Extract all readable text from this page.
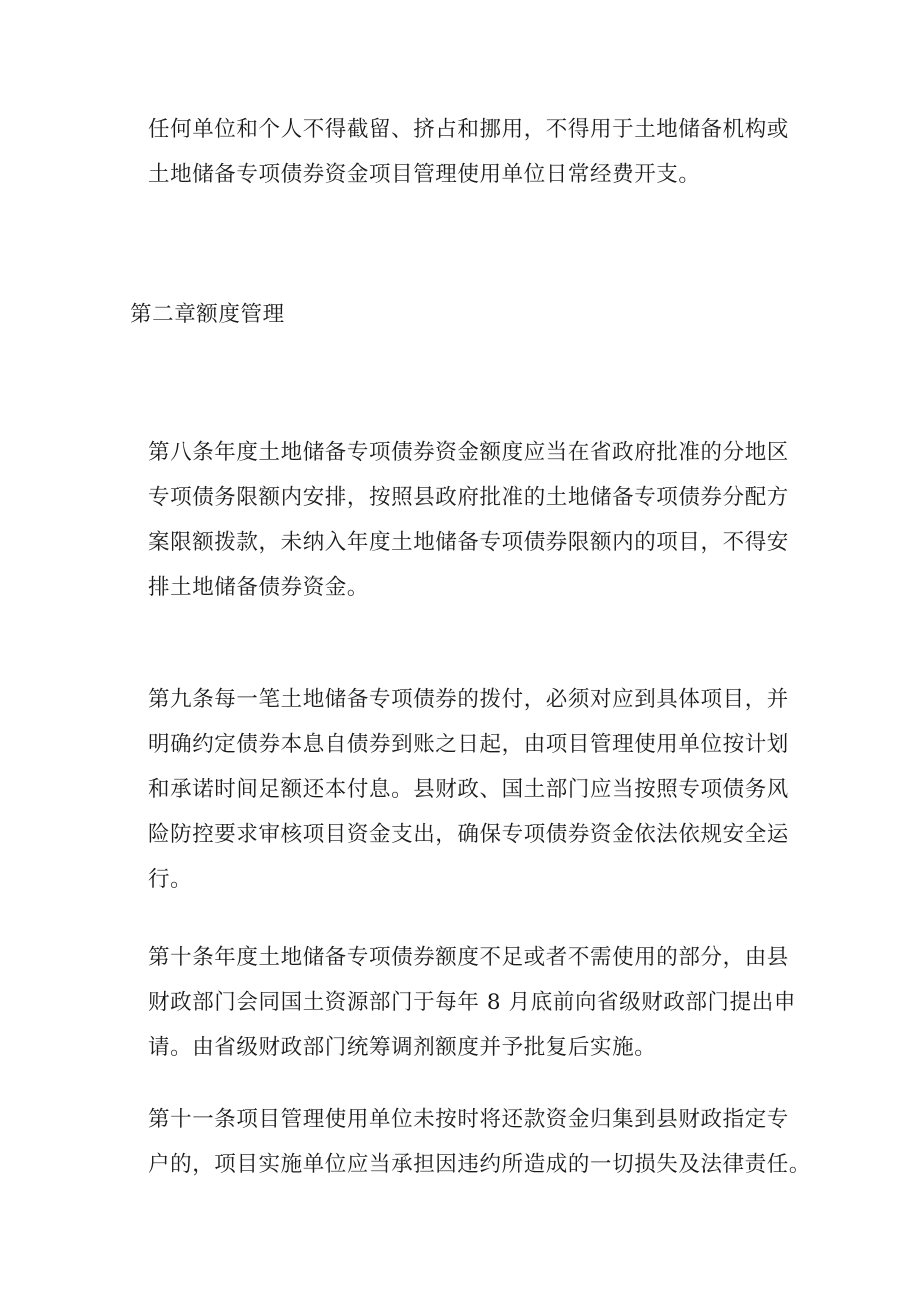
任何单位和个人不得截留、挤占和挪用，不得用于土地储备机构或
土地储备专项债券资金项目管理使用单位日常经费开支。
第二章额度管理
第八条年度土地储备专项债券资金额度应当在省政府批准的分地区
专项债务限额内安排，按照县政府批准的土地储备专项债券分配方
案限额拨款，未纳入年度土地储备专项债券限额内的项目，不得安
排土地储备债券资金。
第九条每一笔土地储备专项债券的拨付，必须对应到具体项目，并
明确约定债券本息自债券到账之日起，由项目管理使用单位按计划
和承诺时间足额还本付息。县财政、国土部门应当按照专项债务风
险防控要求审核项目资金支出，确保专项债券资金依法依规安全运
行。
第十条年度土地储备专项债券额度不足或者不需使用的部分，由县
财政部门会同国土资源部门于每年 8 月底前向省级财政部门提出申
请。由省级财政部门统筹调剂额度并予批复后实施。
第十一条项目管理使用单位未按时将还款资金归集到县财政指定专
户的，项目实施单位应当承担因违约所造成的一切损失及法律责任。
